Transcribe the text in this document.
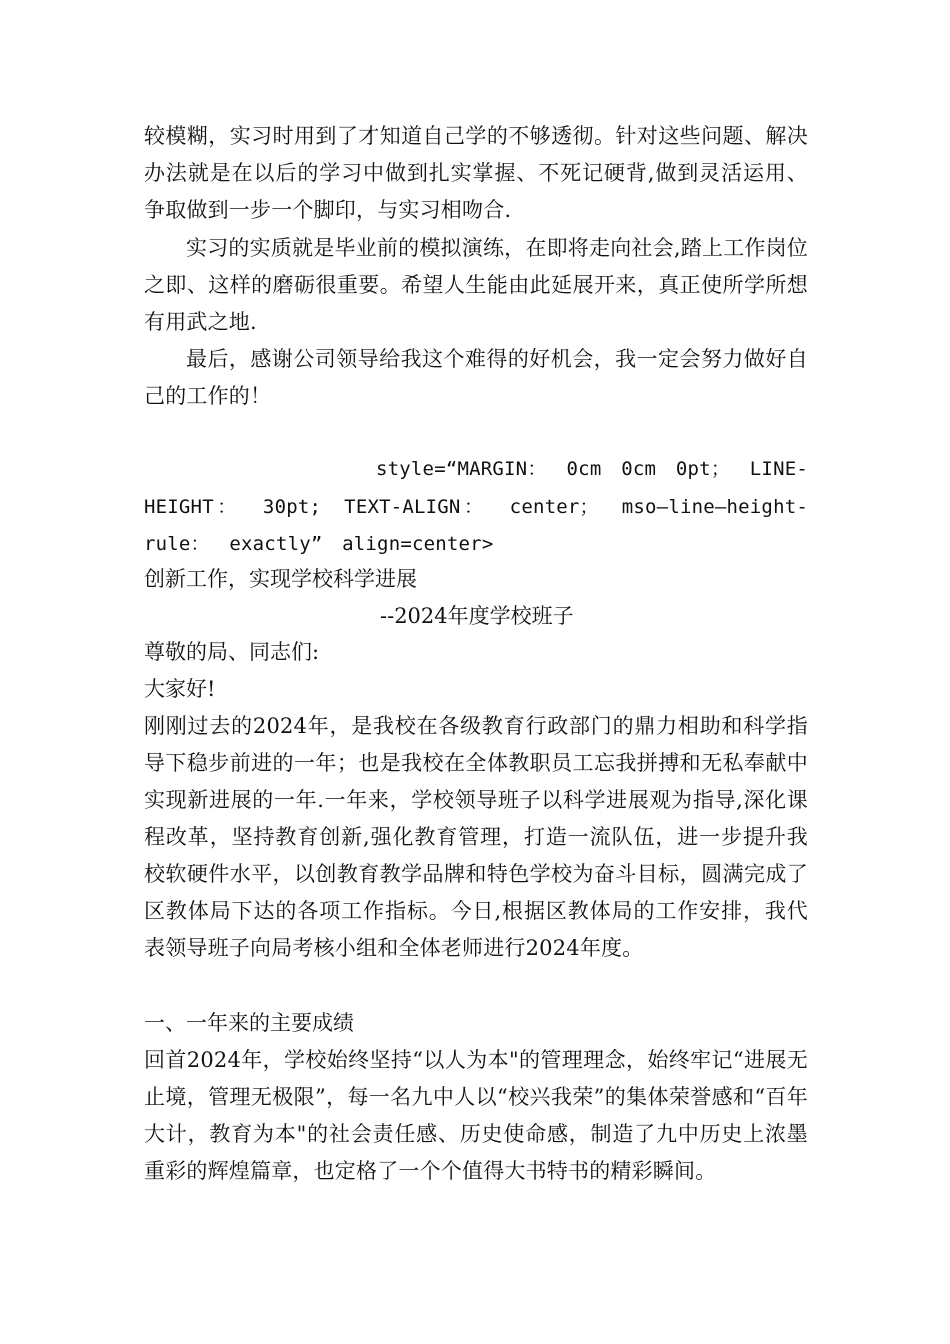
较模糊，实习时用到了才知道自己学的不够透彻。针对这些问题、解决办法就是在以后的学习中做到扎实掌握、不死记硬背,做到灵活运用、争取做到一步一个脚印，与实习相吻合.

实习的实质就是毕业前的模拟演练，在即将走向社会,踏上工作岗位之即、这样的磨砺很重要。希望人生能由此延展开来，真正使所学所想有用武之地.

最后，感谢公司领导给我这个难得的好机会，我一定会努力做好自己的工作的！

style=“MARGIN： 0cm 0cm 0pt； LINE-HEIGHT： 30pt; TEXT-ALIGN： center； mso—line—height-rule： exactly” align=center>

创新工作，实现学校科学进展

--2024年度学校班子

尊敬的局、同志们:

大家好!

刚刚过去的2024年，是我校在各级教育行政部门的鼎力相助和科学指导下稳步前进的一年；也是我校在全体教职员工忘我拼搏和无私奉献中实现新进展的一年.一年来，学校领导班子以科学进展观为指导,深化课程改革，坚持教育创新,强化教育管理，打造一流队伍，进一步提升我校软硬件水平，以创教育教学品牌和特色学校为奋斗目标，圆满完成了区教体局下达的各项工作指标。今日,根据区教体局的工作安排，我代表领导班子向局考核小组和全体老师进行2024年度。

一、一年来的主要成绩

回首2024年，学校始终坚持“以人为本"的管理理念，始终牢记“进展无止境，管理无极限”，每一名九中人以“校兴我荣”的集体荣誉感和“百年大计，教育为本"的社会责任感、历史使命感，制造了九中历史上浓墨重彩的辉煌篇章，也定格了一个个值得大书特书的精彩瞬间。
